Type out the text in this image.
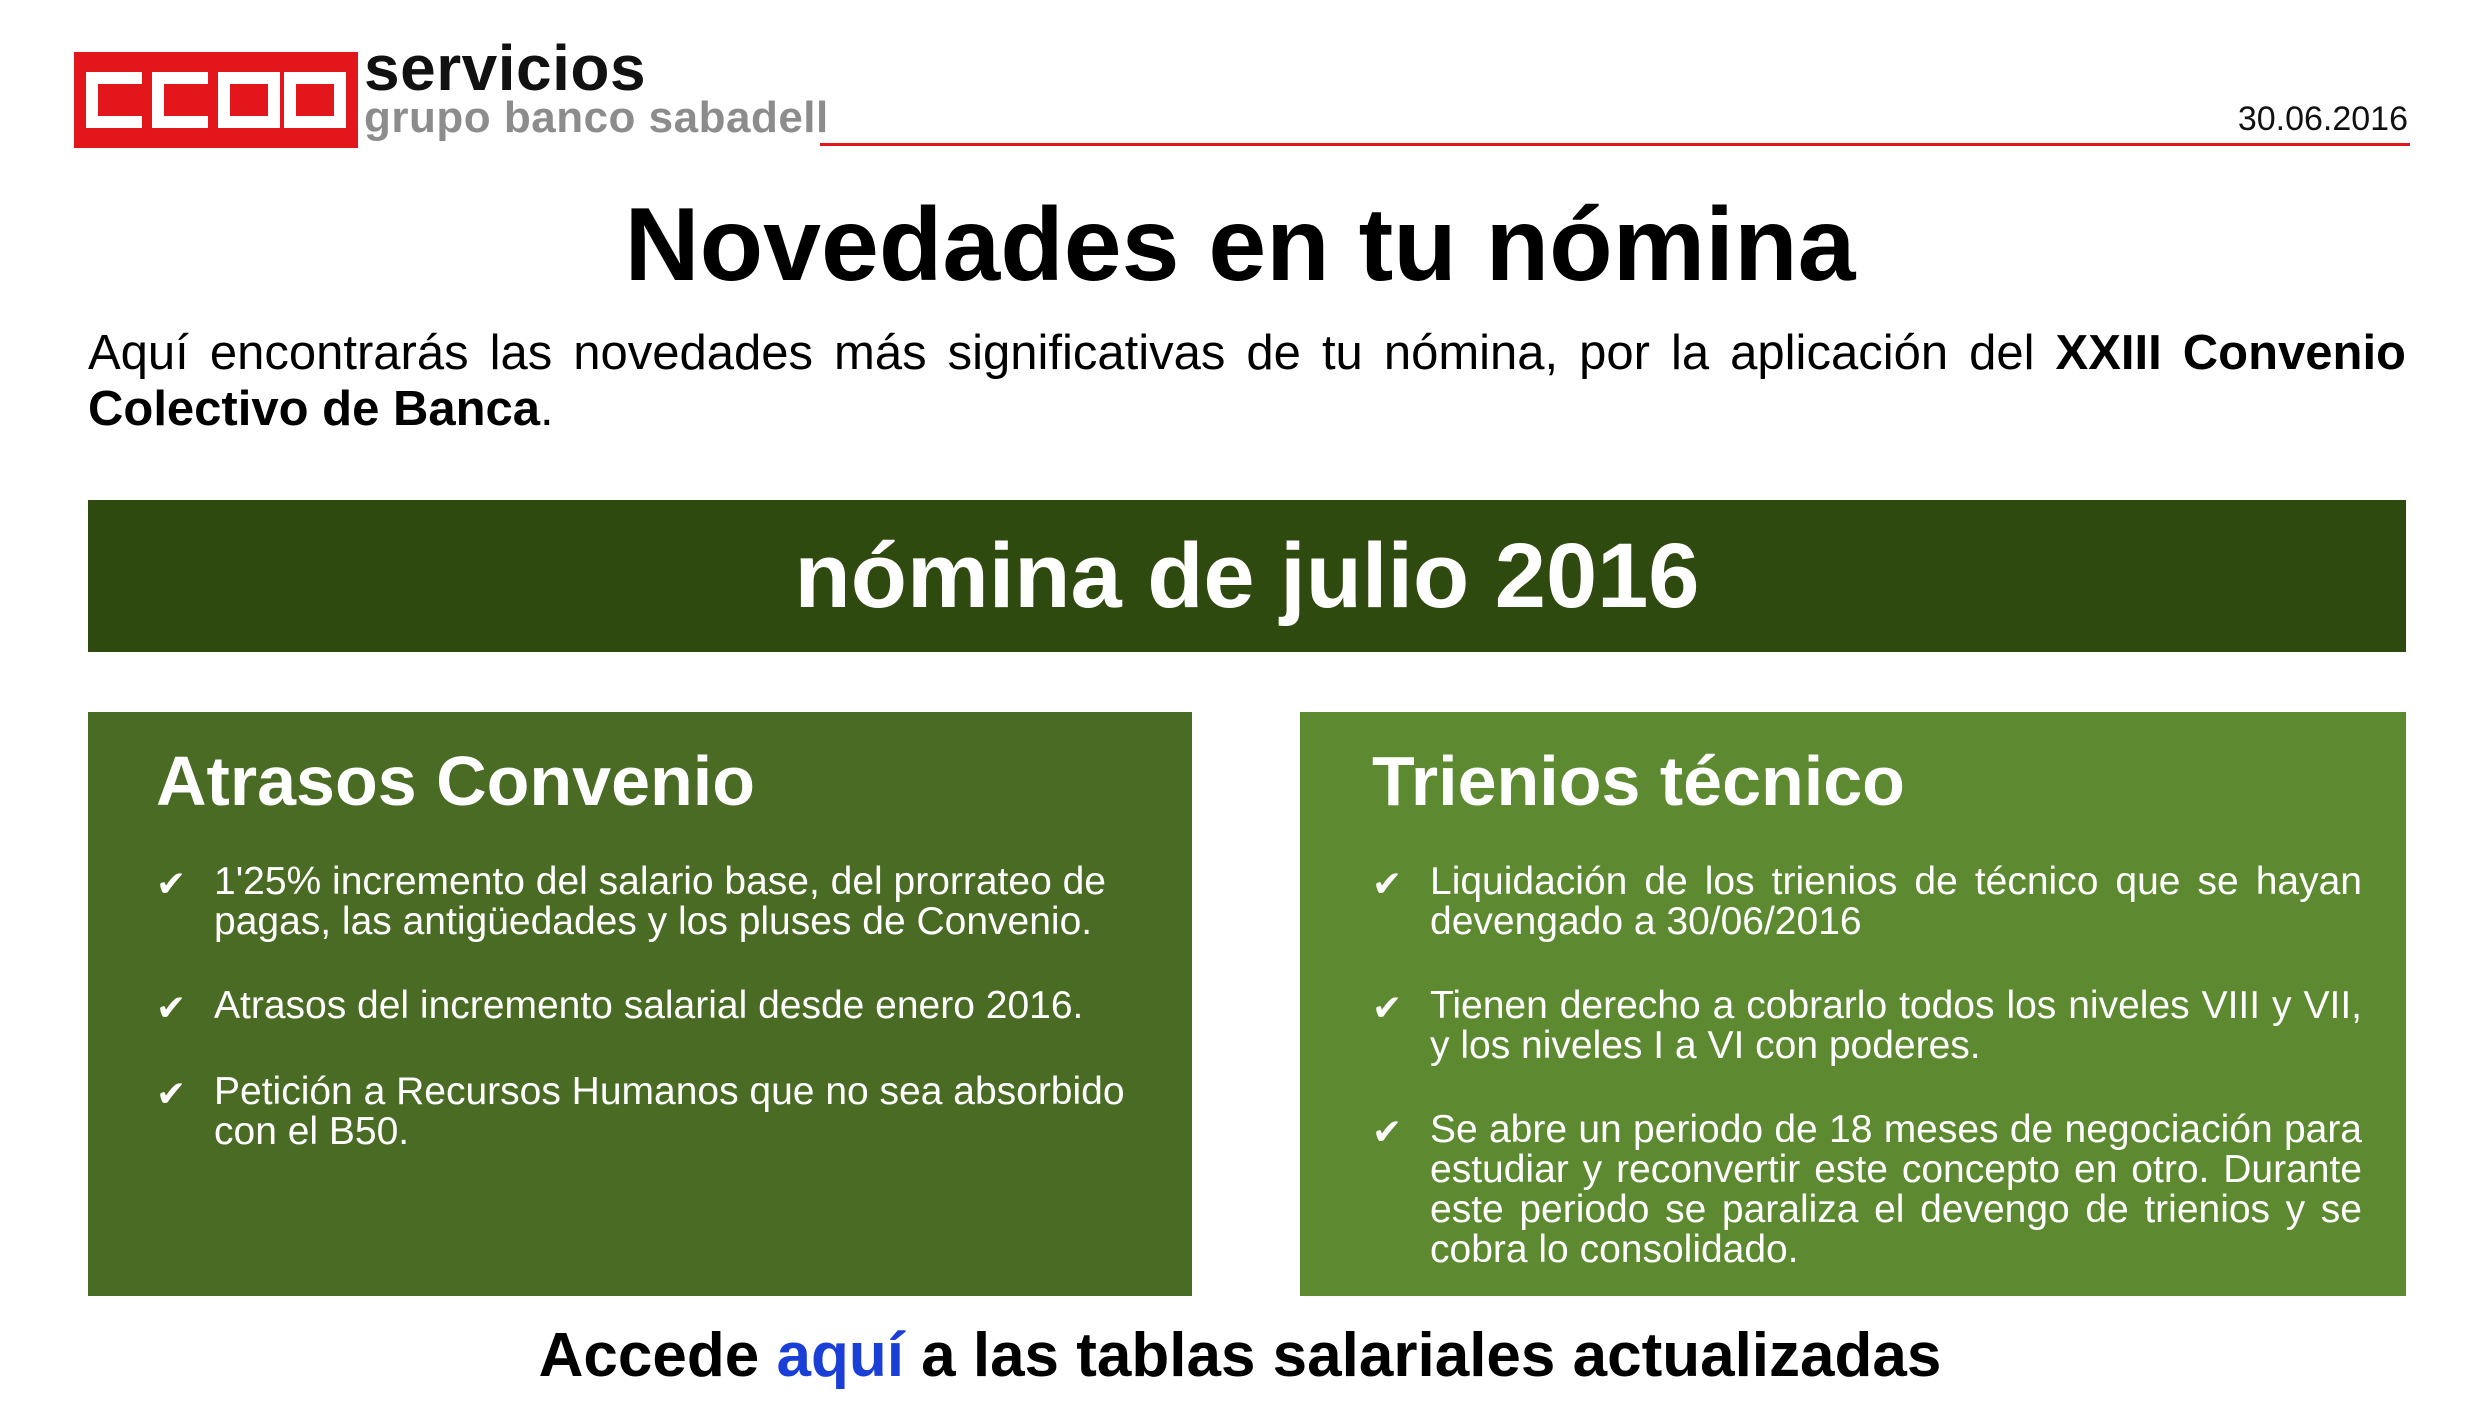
servicios
grupo banco sabadell	30.06.2016
Novedades en tu nómina

Aquí encontrarás las novedades más significativas de tu nómina, por la aplicación del XXIII Convenio Colectivo de Banca.

nómina de julio 2016
Atrasos Convenio
✔ 1'25% incremento del salario base, del prorrateo de pagas, las antigüedades y los pluses de Convenio.
✔ Atrasos del incremento salarial desde enero 2016.
✔ Petición a Recursos Humanos que no sea absorbido con el B50.
Trienios técnico
✔ Liquidación de los trienios de técnico que se hayan devengado a 30/06/2016
✔ Tienen derecho a cobrarlo todos los niveles VIII y VII, y los niveles I a VI con poderes.
✔ Se abre un periodo de 18 meses de negociación para estudiar y reconvertir este concepto en otro. Durante este periodo se paraliza el devengo de trienios y se cobra lo consolidado.
Accede aquí a las tablas salariales actualizadas
